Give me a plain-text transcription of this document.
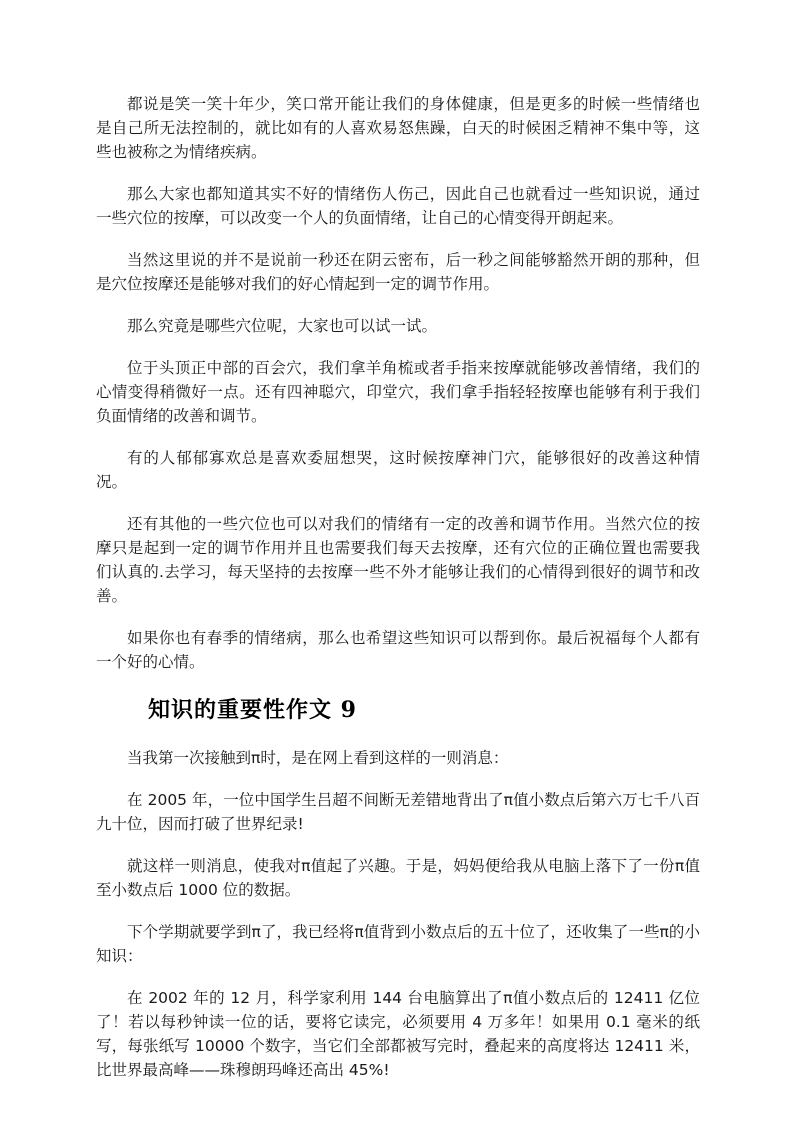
都说是笑一笑十年少，笑口常开能让我们的身体健康，但是更多的时候一些情绪也是自己所无法控制的，就比如有的人喜欢易怒焦躁，白天的时候困乏精神不集中等，这些也被称之为情绪疾病。

那么大家也都知道其实不好的情绪伤人伤己，因此自己也就看过一些知识说，通过一些穴位的按摩，可以改变一个人的负面情绪，让自己的心情变得开朗起来。

当然这里说的并不是说前一秒还在阴云密布，后一秒之间能够豁然开朗的那种，但是穴位按摩还是能够对我们的好心情起到一定的调节作用。

那么究竟是哪些穴位呢，大家也可以试一试。

位于头顶正中部的百会穴，我们拿羊角梳或者手指来按摩就能够改善情绪，我们的心情变得稍微好一点。还有四神聪穴，印堂穴，我们拿手指轻轻按摩也能够有利于我们负面情绪的改善和调节。

有的人郁郁寡欢总是喜欢委屈想哭，这时候按摩神门穴，能够很好的改善这种情况。

还有其他的一些穴位也可以对我们的情绪有一定的改善和调节作用。当然穴位的按摩只是起到一定的调节作用并且也需要我们每天去按摩，还有穴位的正确位置也需要我们认真的.去学习，每天坚持的去按摩一些不外才能够让我们的心情得到很好的调节和改善。

如果你也有春季的情绪病，那么也希望这些知识可以帮到你。最后祝福每个人都有一个好的心情。

知识的重要性作文 9

当我第一次接触到π时，是在网上看到这样的一则消息：

在 2005 年，一位中国学生吕超不间断无差错地背出了π值小数点后第六万七千八百九十位，因而打破了世界纪录!

就这样一则消息，使我对π值起了兴趣。于是，妈妈便给我从电脑上落下了一份π值至小数点后 1000 位的数据。

下个学期就要学到π了，我已经将π值背到小数点后的五十位了，还收集了一些π的小知识：

在 2002 年的 12 月，科学家利用 144 台电脑算出了π值小数点后的 12411 亿位了！若以每秒钟读一位的话，要将它读完，必须要用 4 万多年！如果用 0.1 毫米的纸写，每张纸写 10000 个数字，当它们全部都被写完时，叠起来的高度将达 12411 米，比世界最高峰——珠穆朗玛峰还高出 45%!
